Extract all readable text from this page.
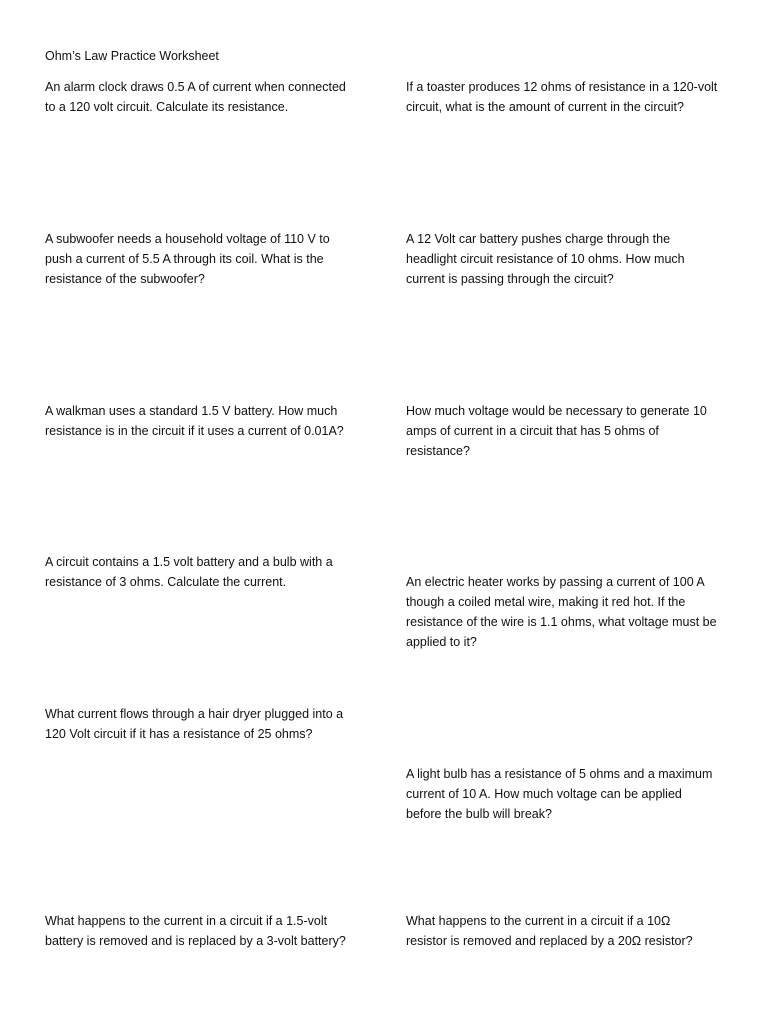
Ohm’s Law Practice Worksheet

An alarm clock draws 0.5 A of current when connected
to a 120 volt circuit. Calculate its resistance.

A subwoofer needs a household voltage of 110 V to
push a current of 5.5 A through its coil. What is the
resistance of the subwoofer?

A walkman uses a standard 1.5 V battery. How much
resistance is in the circuit if it uses a current of 0.01A?

A circuit contains a 1.5 volt battery and a bulb with a
resistance of 3 ohms. Calculate the current.

What current flows through a hair dryer plugged into a
120 Volt circuit if it has a resistance of 25 ohms?

What happens to the current in a circuit if a 1.5-volt
battery is removed and is replaced by a 3-volt battery?

If a toaster produces 12 ohms of resistance in a 120-volt
circuit, what is the amount of current in the circuit?

A 12 Volt car battery pushes charge through the
headlight circuit resistance of 10 ohms. How much
current is passing through the circuit?

How much voltage would be necessary to generate 10
amps of current in a circuit that has 5 ohms of
resistance?

An electric heater works by passing a current of 100 A
though a coiled metal wire, making it red hot. If the
resistance of the wire is 1.1 ohms, what voltage must be
applied to it?

A light bulb has a resistance of 5 ohms and a maximum
current of 10 A. How much voltage can be applied
before the bulb will break?

What happens to the current in a circuit if a 10Ω
resistor is removed and replaced by a 20Ω resistor?
